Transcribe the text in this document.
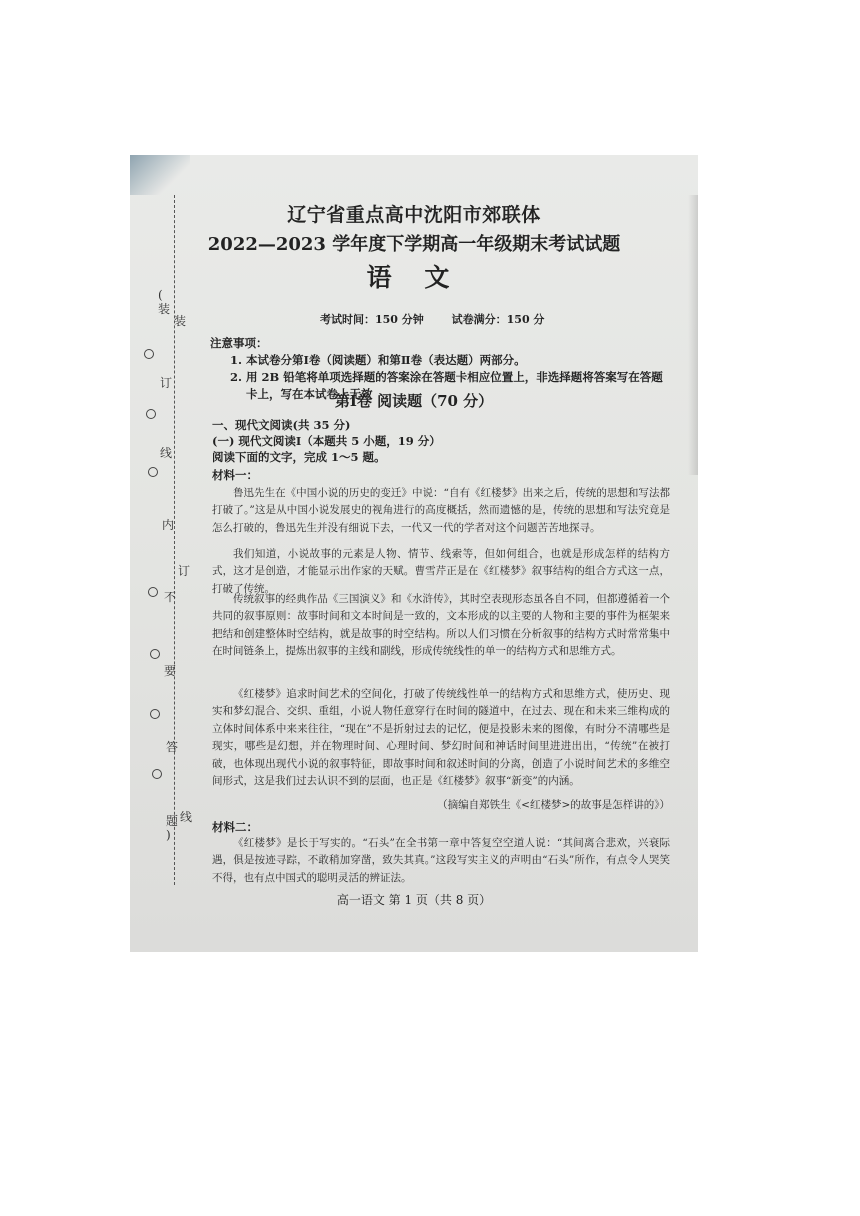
(
装
订
线
内
不
要
答
题
)
装
订
线
辽宁省重点高中沈阳市郊联体
2022—2023 学年度下学期高一年级期末考试试题
语 文
考试时间：150 分钟	试卷满分：150 分
注意事项：
1. 本试卷分第Ⅰ卷（阅读题）和第Ⅱ卷（表达题）两部分。
2. 用 2B 铅笔将单项选择题的答案涂在答题卡相应位置上，非选择题将答案写在答题
卡上，写在本试卷上无效
第Ⅰ卷 阅读题（70 分）
一、现代文阅读(共 35 分)
(一) 现代文阅读Ⅰ（本题共 5 小题，19 分）
阅读下面的文字，完成 1～5 题。
材料一：
鲁迅先生在《中国小说的历史的变迁》中说：“自有《红楼梦》出来之后，传统的思想和写法都打破了。”这是从中国小说发展史的视角进行的高度概括，然而遗憾的是，传统的思想和写法究竟是怎么打破的，鲁迅先生并没有细说下去，一代又一代的学者对这个问题苦苦地探寻。
我们知道，小说故事的元素是人物、情节、线索等，但如何组合，也就是形成怎样的结构方式，这才是创造，才能显示出作家的天赋。曹雪芹正是在《红楼梦》叙事结构的组合方式这一点，打破了传统。
传统叙事的经典作品《三国演义》和《水浒传》，其时空表现形态虽各自不同，但都遵循着一个共同的叙事原则：故事时间和文本时间是一致的，文本形成的以主要的人物和主要的事件为框架来把结和创建整体时空结构，就是故事的时空结构。所以人们习惯在分析叙事的结构方式时常常集中在时间链条上，提炼出叙事的主线和副线，形成传统线性的单一的结构方式和思维方式。
《红楼梦》追求时间艺术的空间化，打破了传统线性单一的结构方式和思维方式，使历史、现实和梦幻混合、交织、重组，小说人物任意穿行在时间的隧道中，在过去、现在和未来三维构成的立体时间体系中来来往往，“现在”不是折射过去的记忆，便是投影未来的图像，有时分不清哪些是现实，哪些是幻想，并在物理时间、心理时间、梦幻时间和神话时间里进进出出，“传统”在被打破，也体现出现代小说的叙事特征，即故事时间和叙述时间的分离，创造了小说时间艺术的多维空间形式，这是我们过去认识不到的层面，也正是《红楼梦》叙事“新变”的内涵。
（摘编自郑铁生《<红楼梦>的故事是怎样讲的》）
材料二：
《红楼梦》是长于写实的。“石头”在全书第一章中答复空空道人说：“其间离合悲欢，兴衰际遇，俱是按迹寻踪，不敢稍加穿凿，致失其真。”这段写实主义的声明由“石头”所作，有点令人哭笑不得，也有点中国式的聪明灵活的辨证法。
高一语文 第 1 页（共 8 页）
